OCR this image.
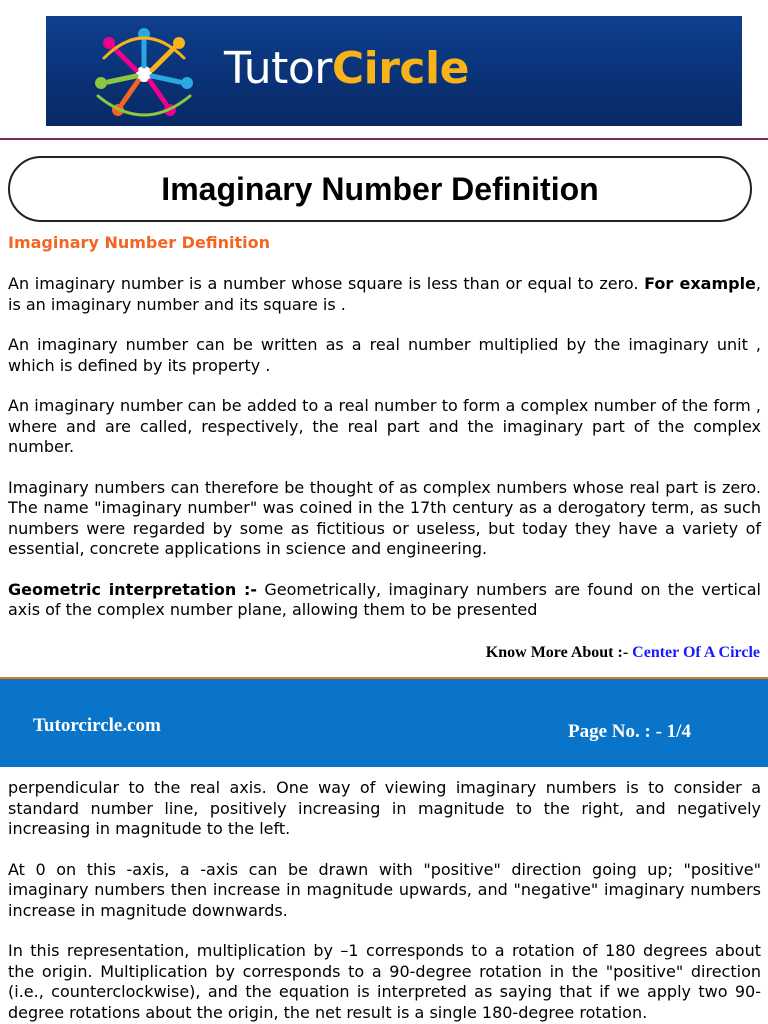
TutorCircle
Imaginary Number Definition
Imaginary Number Definition

An imaginary number is a number whose square is less than or equal to zero. For example, is an imaginary number and its square is .

An imaginary number can be written as a real number multiplied by the imaginary unit , which is defined by its property .

An imaginary number can be added to a real number to form a complex number of the form , where and are called, respectively, the real part and the imaginary part of the complex number.

Imaginary numbers can therefore be thought of as complex numbers whose real part is zero. The name "imaginary number" was coined in the 17th century as a derogatory term, as such numbers were regarded by some as fictitious or useless, but today they have a variety of essential, concrete applications in science and engineering.

Geometric interpretation :- Geometrically, imaginary numbers are found on the vertical axis of the complex number plane, allowing them to be presented

Know More About :- Center Of A Circle
Tutorcircle.com	Page No. : - 1/4

perpendicular to the real axis. One way of viewing imaginary numbers is to consider a standard number line, positively increasing in magnitude to the right, and negatively increasing in magnitude to the left.

At 0 on this -axis, a -axis can be drawn with "positive" direction going up; "positive" imaginary numbers then increase in magnitude upwards, and "negative" imaginary numbers increase in magnitude downwards.

In this representation, multiplication by –1 corresponds to a rotation of 180 degrees about the origin. Multiplication by corresponds to a 90-degree rotation in the "positive" direction (i.e., counterclockwise), and the equation is interpreted as saying that if we apply two 90-degree rotations about the origin, the net result is a single 180-degree rotation.
